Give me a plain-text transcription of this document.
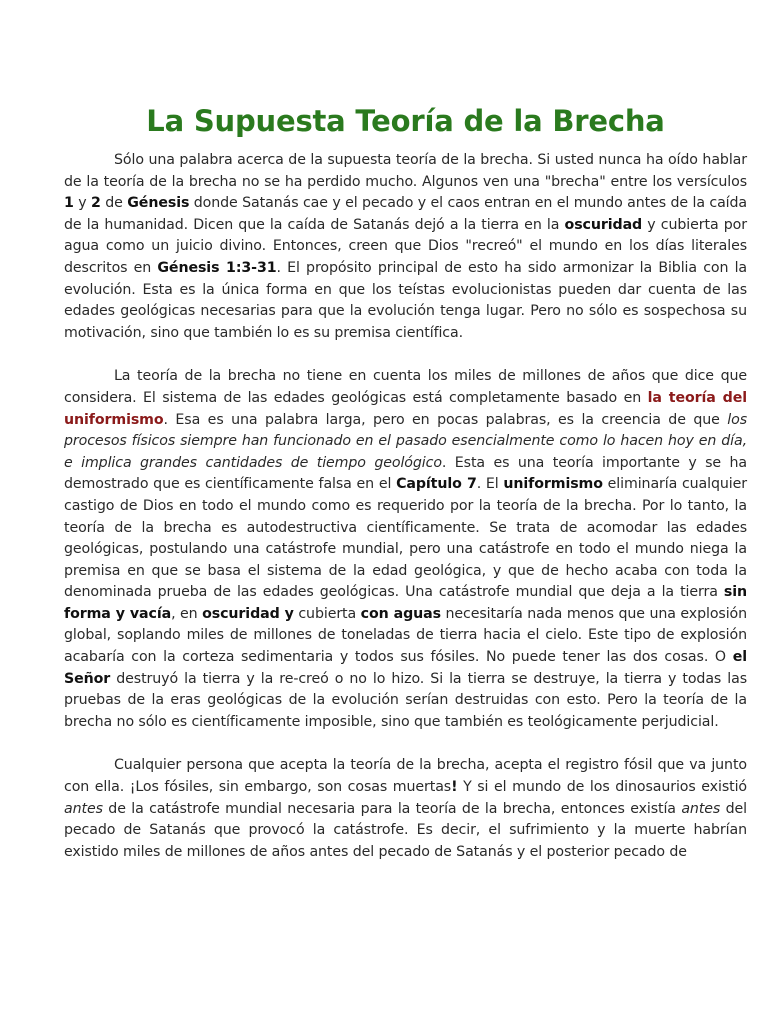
La Supuesta Teoría de la Brecha

Sólo una palabra acerca de la supuesta teoría de la brecha. Si usted nunca ha oído hablar de la teoría de la brecha no se ha perdido mucho. Algunos ven una "brecha" entre los versículos 1 y 2 de Génesis donde Satanás cae y el pecado y el caos entran en el mundo antes de la caída de la humanidad. Dicen que la caída de Satanás dejó a la tierra en la oscuridad y cubierta por agua como un juicio divino. Entonces, creen que Dios "recreó" el mundo en los días literales descritos en Génesis 1:3-31. El propósito principal de esto ha sido armonizar la Biblia con la evolución. Esta es la única forma en que los teístas evolucionistas pueden dar cuenta de las edades geológicas necesarias para que la evolución tenga lugar. Pero no sólo es sospechosa su motivación, sino que también lo es su premisa científica.

La teoría de la brecha no tiene en cuenta los miles de millones de años que dice que considera. El sistema de las edades geológicas está completamente basado en la teoría del uniformismo. Esa es una palabra larga, pero en pocas palabras, es la creencia de que los procesos físicos siempre han funcionado en el pasado esencialmente como lo hacen hoy en día, e implica grandes cantidades de tiempo geológico. Esta es una teoría importante y se ha demostrado que es científicamente falsa en el Capítulo 7. El uniformismo eliminaría cualquier castigo de Dios en todo el mundo como es requerido por la teoría de la brecha. Por lo tanto, la teoría de la brecha es autodestructiva científicamente. Se trata de acomodar las edades geológicas, postulando una catástrofe mundial, pero una catástrofe en todo el mundo niega la premisa en que se basa el sistema de la edad geológica, y que de hecho acaba con toda la denominada prueba de las edades geológicas. Una catástrofe mundial que deja a la tierra sin forma y vacía, en oscuridad y cubierta con aguas necesitaría nada menos que una explosión global, soplando miles de millones de toneladas de tierra hacia el cielo. Este tipo de explosión acabaría con la corteza sedimentaria y todos sus fósiles. No puede tener las dos cosas. O el Señor destruyó la tierra y la re-creó o no lo hizo. Si la tierra se destruye, la tierra y todas las pruebas de la eras geológicas de la evolución serían destruidas con esto. Pero la teoría de la brecha no sólo es científicamente imposible, sino que también es teológicamente perjudicial.

Cualquier persona que acepta la teoría de la brecha, acepta el registro fósil que va junto con ella. ¡Los fósiles, sin embargo, son cosas muertas! Y si el mundo de los dinosaurios existió antes de la catástrofe mundial necesaria para la teoría de la brecha, entonces existía antes del pecado de Satanás que provocó la catástrofe. Es decir, el sufrimiento y la muerte habrían existido miles de millones de años antes del pecado de Satanás y el posterior pecado de
